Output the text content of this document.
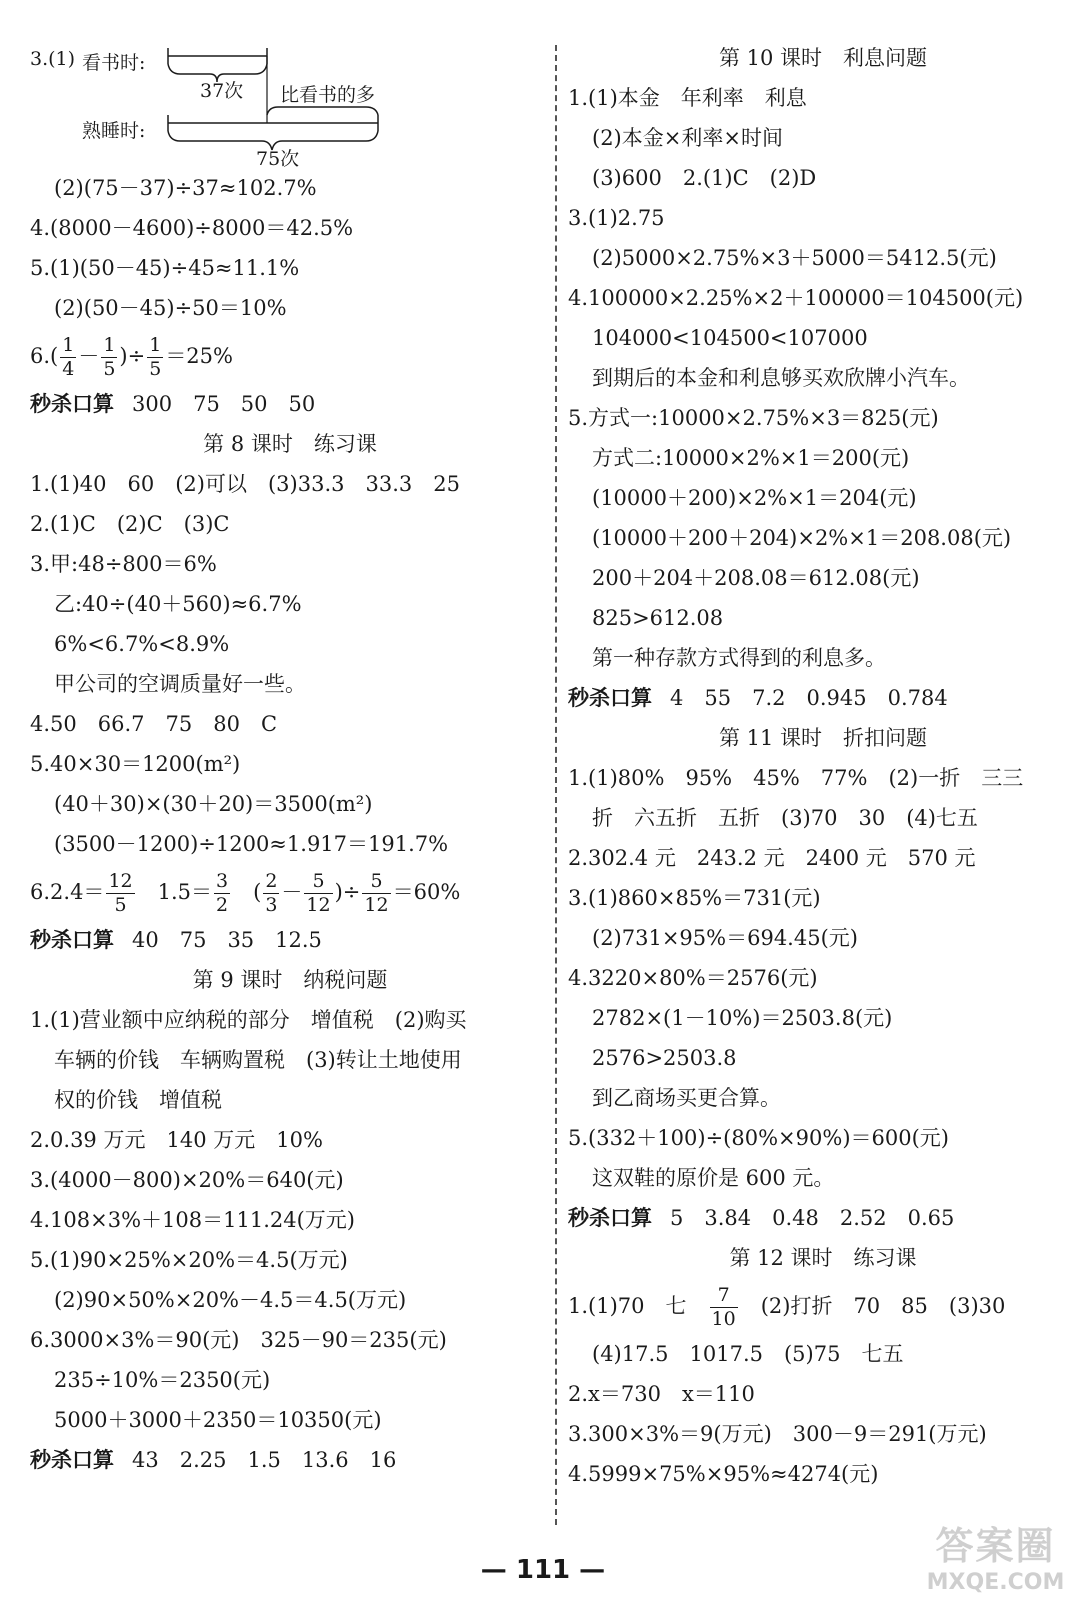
3.(1) 看书时:
熟睡时:
37次 比看书的多
75次
(2)(75－37)÷37≈102.7%
4.(8000－4600)÷8000＝42.5%
5.(1)(50－45)÷45≈11.1%
(2)(50－45)÷50＝10%
$6.( \frac{1}{4} - \frac{1}{5}$ )÷ $\frac{1}{5} =25\%$
秒杀口算 300　75　50　50
第 8 课时　练习课
1.(1)40　60　(2)可以　(3)33.3　33.3　25
2.(1)C　(2)C　(3)C
3.甲:48÷800＝6%
乙:40÷(40＋560)≈6.7%
6%<6.7%<8.9%
甲公司的空调质量好一些。
4.50　66.7　75　80　C
5.40×30＝1200(m²)
(40＋30)×(30＋20)＝3500(m²)
(3500－1200)÷1200≈1.917＝191.7%
$6.2.4= \frac{12}{5}$ 　$1.5= \frac{3}{2}$ 　( $\frac{2}{3} - \frac{5}{12}$ )÷ $\frac{5}{12} =60\%$
秒杀口算 40　75　35　12.5
第 9 课时　纳税问题
1.(1)营业额中应纳税的部分　增值税　(2)购买
车辆的价钱　车辆购置税　(3)转让土地使用
权的价钱　增值税
2.0.39 万元　140 万元　10%
3.(4000－800)×20%＝640(元)
4.108×3%＋108＝111.24(万元)
5.(1)90×25%×20%＝4.5(万元)
(2)90×50%×20%－4.5＝4.5(万元)
6.3000×3%＝90(元)　325－90＝235(元)
235÷10%＝2350(元)
5000＋3000＋2350＝10350(元)
秒杀口算 43　2.25　1.5　13.6　16
第 10 课时　利息问题
1.(1)本金　年利率　利息
(2)本金×利率×时间
(3)600　2.(1)C　(2)D
3.(1)2.75
(2)5000×2.75%×3＋5000＝5412.5(元)
4.100000×2.25%×2＋100000＝104500(元)
104000<104500<107000
到期后的本金和利息够买欢欣牌小汽车。
5.方式一:10000×2.75%×3＝825(元)
方式二:10000×2%×1＝200(元)
(10000＋200)×2%×1＝204(元)
(10000＋200＋204)×2%×1＝208.08(元)
200＋204＋208.08＝612.08(元)
825>612.08
第一种存款方式得到的利息多。
秒杀口算 4　55　7.2　0.945　0.784
第 11 课时　折扣问题
1.(1)80%　95%　45%　77%　(2)一折　三三
折　六五折　五折　(3)70　30　(4)七五
2.302.4 元　243.2 元　2400 元　570 元
3.(1)860×85%＝731(元)
(2)731×95%＝694.45(元)
4.3220×80%＝2576(元)
2782×(1－10%)＝2503.8(元)
2576>2503.8
到乙商场买更合算。
5.(332＋100)÷(80%×90%)＝600(元)
这双鞋的原价是 600 元。
秒杀口算 5　3.84　0.48　2.52　0.65
第 12 课时　练习课
1.(1)70　七　 $\frac{7}{10}$ 　(2)打折　70　85　(3)30
(4)17.5　1017.5　(5)75　七五
2.x＝730　x＝110
3.300×3%＝9(万元)　300－9＝291(万元)
4.5999×75%×95%≈4274(元)
— 111 —
答案圈
MXQE.COM
